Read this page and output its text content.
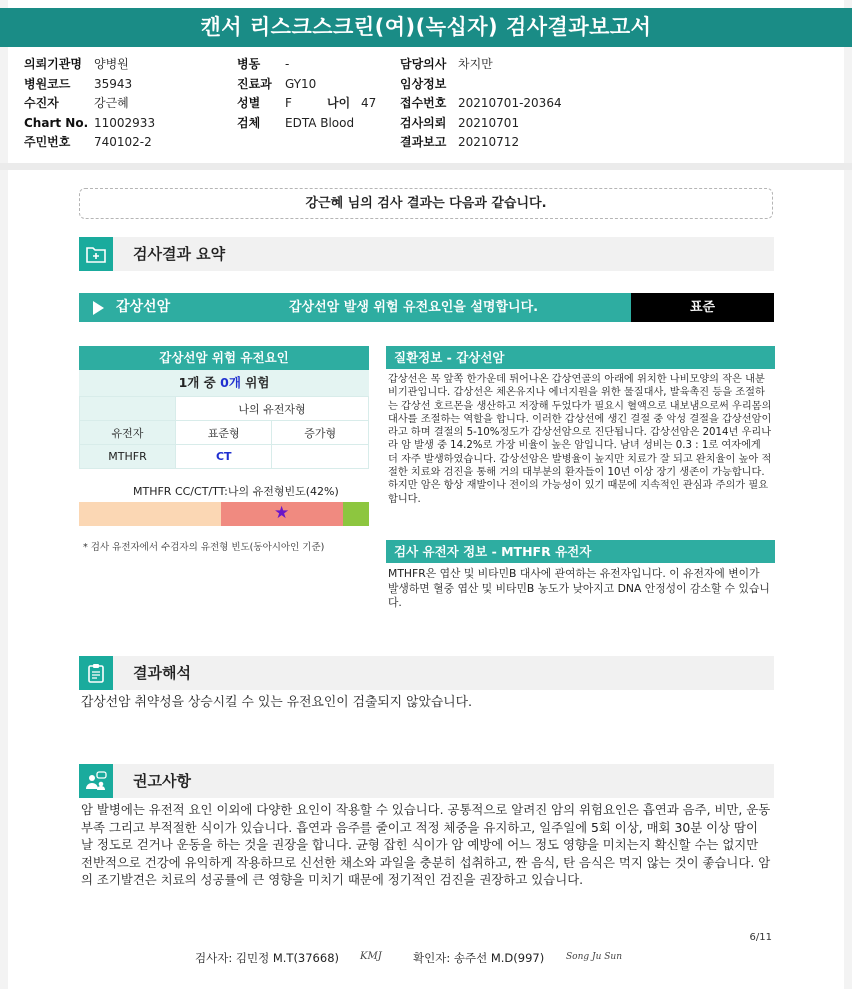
캔서 리스크스크린(여)(녹십자) 검사결과보고서
의뢰기관명 양병원
병원코드 35943
수진자	강근혜
Chart No. 11002933
주민번호 740102-2
병동 -
진료과 GY10
성별 F	나이 47
검체 EDTA Blood
담당의사 차지만
임상정보
접수번호 20210701-20364
검사의뢰 20210701
결과보고 20210712
강근혜 님의 검사 결과는 다음과 같습니다.
검사결과 요약
갑상선암	갑상선암 발생 위험 유전요인을 설명합니다.	표준
갑상선암 위험 유전요인
1개 중 0개 위험
	나의 유전자형	
유전자	표준형	증가형
MTHFR	CT	
MTHFR CC/CT/TT:나의 유전형빈도(42%)
★
* 검사 유전자에서 수검자의 유전형 빈도(동아시아인 기준)
질환정보 - 갑상선암
갑상선은 목 앞쪽 한가운데 튀어나온 갑상연골의 아래에 위치한 나비모양의 작은 내분비기관입니다. 갑상선은 체온유지나 에너지원을 위한 물질대사, 발육촉진 등을 조절하는 갑상선 호르몬을 생산하고 저장해 두었다가 필요시 혈액으로 내보냄으로써 우리몸의 대사를 조절하는 역할을 합니다. 이러한 갑상선에 생긴 결절 중 악성 결절을 갑상선암이라고 하며 결절의 5-10%정도가 갑상선암으로 진단됩니다. 갑상선암은 2014년 우리나라 암 발생 중 14.2%로 가장 비율이 높은 암입니다. 남녀 성비는 0.3 : 1로 여자에게 더 자주 발생하였습니다. 갑상선암은 발병율이 높지만 치료가 잘 되고 완치율이 높아 적절한 치료와 검진을 통해 거의 대부분의 환자들이 10년 이상 장기 생존이 가능합니다. 하지만 암은 항상 재발이나 전이의 가능성이 있기 때문에 지속적인 관심과 주의가 필요합니다.
검사 유전자 정보 - MTHFR 유전자
MTHFR은 엽산 및 비타민B 대사에 관여하는 유전자입니다. 이 유전자에 변이가 발생하면 혈중 엽산 및 비타민B 농도가 낮아지고 DNA 안정성이 감소할 수 있습니다.
결과해석
갑상선암 취약성을 상승시킬 수 있는 유전요인이 검출되지 않았습니다.
권고사항
암 발병에는 유전적 요인 이외에 다양한 요인이 작용할 수 있습니다. 공통적으로 알려진 암의 위험요인은 흡연과 음주, 비만, 운동 부족 그리고 부적절한 식이가 있습니다. 흡연과 음주를 줄이고 적정 체중을 유지하고, 일주일에 5회 이상, 매회 30분 이상 땀이 날 정도로 걷거나 운동을 하는 것을 권장을 합니다. 균형 잡힌 식이가 암 예방에 어느 정도 영향을 미치는지 확신할 수는 없지만 전반적으로 건강에 유익하게 작용하므로 신선한 채소와 과일을 충분히 섭취하고, 짠 음식, 탄 음식은 먹지 않는 것이 좋습니다. 암의 조기발견은 치료의 성공률에 큰 영향을 미치기 때문에 정기적인 검진을 권장하고 있습니다.
6/11
검사자: 김민정 M.T(37668) KMJ	확인자: 송주선 M.D(997) Song Ju Sun
